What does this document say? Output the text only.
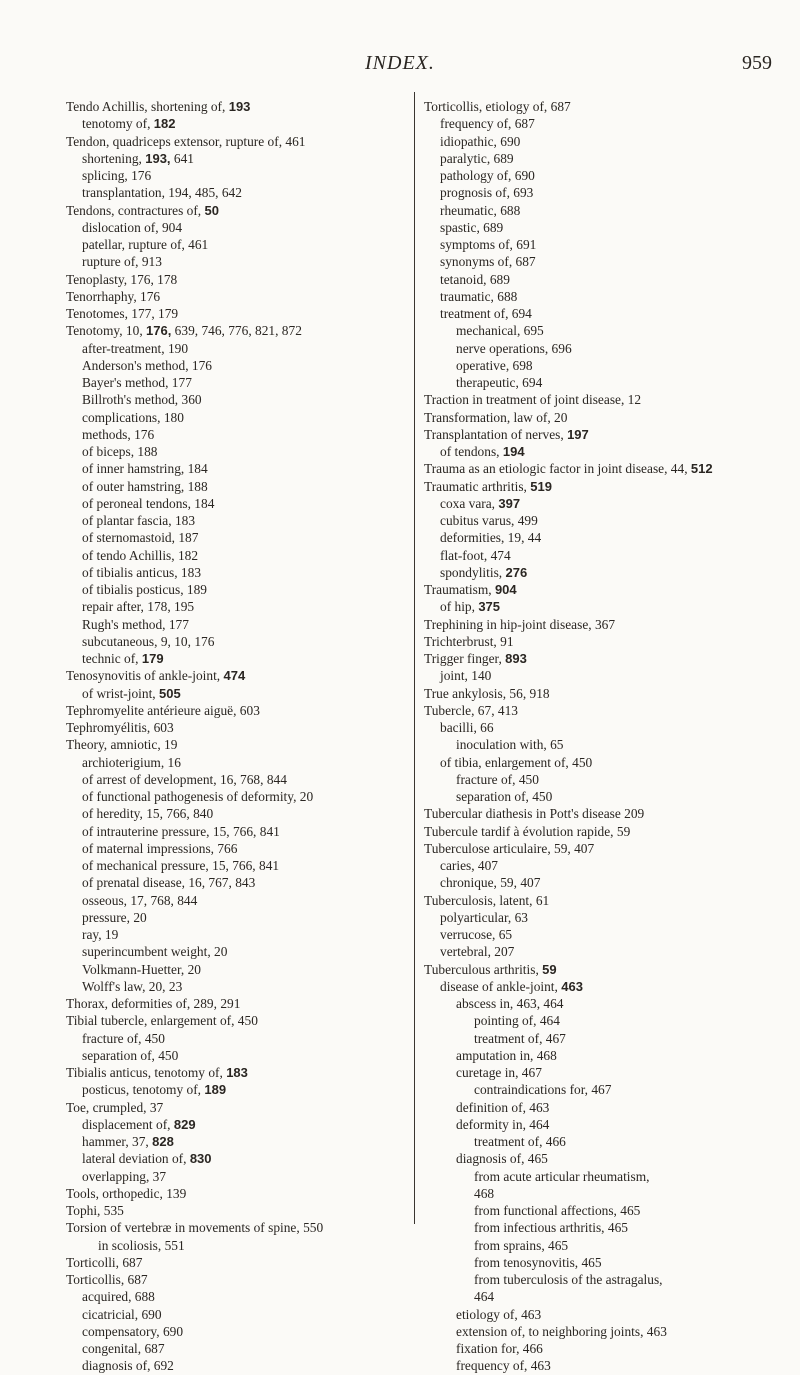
INDEX.	959
Tendo Achillis, shortening of, 193
tenotomy of, 182
Tendon, quadriceps extensor, rupture of, 461
shortening, 193, 641
splicing, 176
transplantation, 194, 485, 642
Tendons, contractures of, 50
dislocation of, 904
patellar, rupture of, 461
rupture of, 913
Tenoplasty, 176, 178
Tenorrhaphy, 176
Tenotomes, 177, 179
Tenotomy, 10, 176, 639, 746, 776, 821, 872
after-treatment, 190
Anderson's method, 176
Bayer's method, 177
Billroth's method, 360
complications, 180
methods, 176
of biceps, 188
of inner hamstring, 184
of outer hamstring, 188
of peroneal tendons, 184
of plantar fascia, 183
of sternomastoid, 187
of tendo Achillis, 182
of tibialis anticus, 183
of tibialis posticus, 189
repair after, 178, 195
Rugh's method, 177
subcutaneous, 9, 10, 176
technic of, 179
Tenosynovitis of ankle-joint, 474
of wrist-joint, 505
Tephromyelite antérieure aiguë, 603
Tephromyélitis, 603
Theory, amniotic, 19
archioterigium, 16
of arrest of development, 16, 768, 844
of functional pathogenesis of deformity, 20
of heredity, 15, 766, 840
of intrauterine pressure, 15, 766, 841
of maternal impressions, 766
of mechanical pressure, 15, 766, 841
of prenatal disease, 16, 767, 843
osseous, 17, 768, 844
pressure, 20
ray, 19
superincumbent weight, 20
Volkmann-Huetter, 20
Wolff's law, 20, 23
Thorax, deformities of, 289, 291
Tibial tubercle, enlargement of, 450
fracture of, 450
separation of, 450
Tibialis anticus, tenotomy of, 183
posticus, tenotomy of, 189
Toe, crumpled, 37
displacement of, 829
hammer, 37, 828
lateral deviation of, 830
overlapping, 37
Tools, orthopedic, 139
Tophi, 535
Torsion of vertebræ in movements of spine, 550
in scoliosis, 551
Torticolli, 687
Torticollis, 687
acquired, 688
cicatricial, 690
compensatory, 690
congenital, 687
diagnosis of, 692
Torticollis, etiology of, 687
frequency of, 687
idiopathic, 690
paralytic, 689
pathology of, 690
prognosis of, 693
rheumatic, 688
spastic, 689
symptoms of, 691
synonyms of, 687
tetanoid, 689
traumatic, 688
treatment of, 694
mechanical, 695
nerve operations, 696
operative, 698
therapeutic, 694
Traction in treatment of joint disease, 12
Transformation, law of, 20
Transplantation of nerves, 197
of tendons, 194
Trauma as an etiologic factor in joint disease, 44, 512
Traumatic arthritis, 519
coxa vara, 397
cubitus varus, 499
deformities, 19, 44
flat-foot, 474
spondylitis, 276
Traumatism, 904
of hip, 375
Trephining in hip-joint disease, 367
Trichterbrust, 91
Trigger finger, 893
joint, 140
True ankylosis, 56, 918
Tubercle, 67, 413
bacilli, 66
inoculation with, 65
of tibia, enlargement of, 450
fracture of, 450
separation of, 450
Tubercular diathesis in Pott's disease 209
Tubercule tardif à évolution rapide, 59
Tuberculose articulaire, 59, 407
caries, 407
chronique, 59, 407
Tuberculosis, latent, 61
polyarticular, 63
verrucose, 65
vertebral, 207
Tuberculous arthritis, 59
disease of ankle-joint, 463
abscess in, 463, 464
pointing of, 464
treatment of, 467
amputation in, 468
curetage in, 467
contraindications for, 467
definition of, 463
deformity in, 464
treatment of, 466
diagnosis of, 465
from acute articular rheumatism,
468
from functional affections, 465
from infectious arthritis, 465
from sprains, 465
from tenosynovitis, 465
from tuberculosis of the astragalus,
464
etiology of, 463
extension of, to neighboring joints, 463
fixation for, 466
frequency of, 463
